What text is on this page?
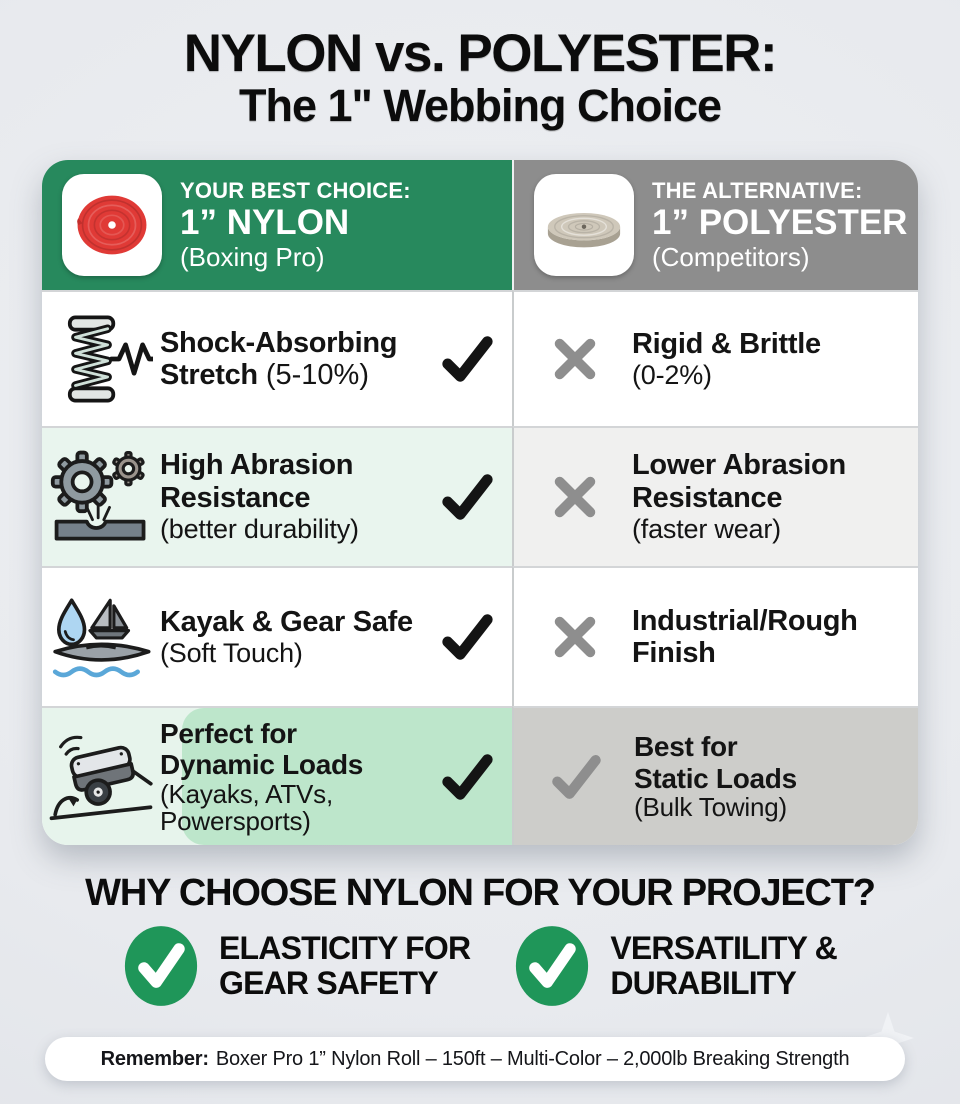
NYLON vs. POLYESTER:
The 1" Webbing Choice
YOUR BEST CHOICE:
1” NYLON
(Boxing Pro)
THE ALTERNATIVE:
1” POLYESTER
(Competitors)
Shock-Absorbing
Stretch (5-10%)
Rigid & Brittle
(0-2%)
High Abrasion
Resistance
(better durability)
Lower Abrasion
Resistance
(faster wear)
Kayak & Gear Safe
(Soft Touch)
Industrial/Rough
Finish
Perfect for
Dynamic Loads
(Kayaks, ATVs,
Powersports)
Best for
Static Loads
(Bulk Towing)
WHY CHOOSE NYLON FOR YOUR PROJECT?
ELASTICITY FOR
GEAR SAFETY
VERSATILITY &
DURABILITY
Remember: Boxer Pro 1” Nylon Roll – 150ft – Multi-Color – 2,000lb Breaking Strength
